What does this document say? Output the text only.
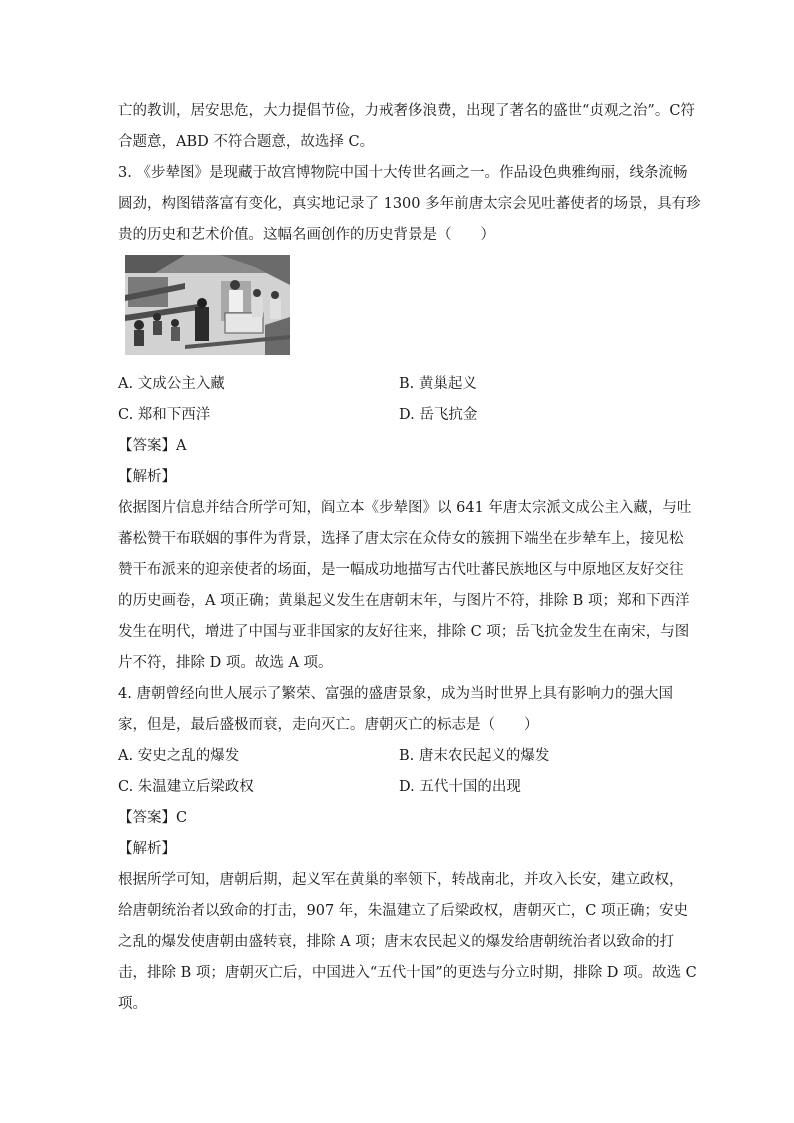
亡的教训，居安思危，大力提倡节俭，力戒奢侈浪费，出现了著名的盛世“贞观之治”。C符
合题意，ABD 不符合题意，故选择 C。
3. 《步辇图》是现藏于故宫博物院中国十大传世名画之一。作品设色典雅绚丽，线条流畅
圆劲，构图错落富有变化，真实地记录了 1300 多年前唐太宗会见吐蕃使者的场景，具有珍
贵的历史和艺术价值。这幅名画创作的历史背景是（　　）
A. 文成公主入藏	B. 黄巢起义
C. 郑和下西洋	D. 岳飞抗金
【答案】A
【解析】
依据图片信息并结合所学可知，阎立本《步辇图》以 641 年唐太宗派文成公主入藏，与吐
蕃松赞干布联姻的事件为背景，选择了唐太宗在众侍女的簇拥下端坐在步辇车上，接见松
赞干布派来的迎亲使者的场面，是一幅成功地描写古代吐蕃民族地区与中原地区友好交往
的历史画卷，A 项正确；黄巢起义发生在唐朝末年，与图片不符，排除 B 项；郑和下西洋
发生在明代，增进了中国与亚非国家的友好往来，排除 C 项；岳飞抗金发生在南宋，与图
片不符，排除 D 项。故选 A 项。
4. 唐朝曾经向世人展示了繁荣、富强的盛唐景象，成为当时世界上具有影响力的强大国
家，但是，最后盛极而衰，走向灭亡。唐朝灭亡的标志是（　　）
A. 安史之乱的爆发	B. 唐末农民起义的爆发
C. 朱温建立后梁政权	D. 五代十国的出现
【答案】C
【解析】
根据所学可知，唐朝后期，起义军在黄巢的率领下，转战南北，并攻入长安，建立政权，
给唐朝统治者以致命的打击，907 年，朱温建立了后梁政权，唐朝灭亡，C 项正确；安史
之乱的爆发使唐朝由盛转衰，排除 A 项；唐末农民起义的爆发给唐朝统治者以致命的打
击，排除 B 项；唐朝灭亡后，中国进入“五代十国”的更迭与分立时期，排除 D 项。故选 C
项。
